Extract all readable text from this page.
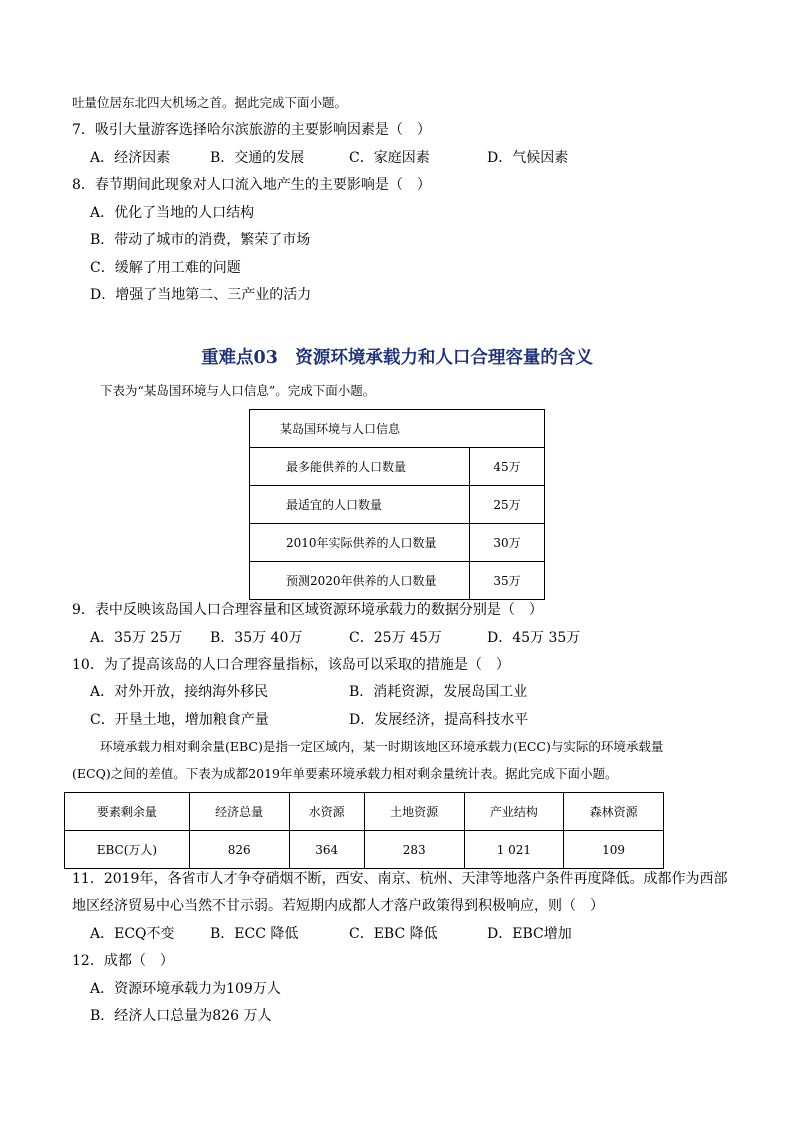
吐量位居东北四大机场之首。据此完成下面小题。
7．吸引大量游客选择哈尔滨旅游的主要影响因素是（　）
A．经济因素	B．交通的发展	C．家庭因素	D．气候因素
8．春节期间此现象对人口流入地产生的主要影响是（　）
A．优化了当地的人口结构
B．带动了城市的消费，繁荣了市场
C．缓解了用工难的问题
D．增强了当地第二、三产业的活力
重难点03　资源环境承载力和人口合理容量的含义
下表为“某岛国环境与人口信息”。完成下面小题。
某岛国环境与人口信息	
最多能供养的人口数量	45万
最适宜的人口数量	25万
2010年实际供养的人口数量	30万
预测2020年供养的人口数量	35万
9．表中反映该岛国人口合理容量和区域资源环境承载力的数据分别是（　）
A．35万 25万 B．35万 40万	C．25万 45万	D．45万 35万
10．为了提高该岛的人口合理容量指标，该岛可以采取的措施是（　）
A．对外开放，接纳海外移民	B．消耗资源，发展岛国工业
C．开垦土地，增加粮食产量	D．发展经济，提高科技水平
环境承载力相对剩余量(EBC)是指一定区域内，某一时期该地区环境承载力(ECC)与实际的环境承载量
(ECQ)之间的差值。下表为成都2019年单要素环境承载力相对剩余量统计表。据此完成下面小题。
要素剩余量	经济总量	水资源	土地资源	产业结构	森林资源
EBC(万人)	826	364	283	1 021	109
11．2019年，各省市人才争夺硝烟不断，西安、南京、杭州、天津等地落户条件再度降低。成都作为西部
地区经济贸易中心当然不甘示弱。若短期内成都人才落户政策得到积极响应，则（　）
A．ECQ不变	B．ECC 降低	C．EBC 降低	D．EBC增加
12．成都（　）
A．资源环境承载力为109万人
B．经济人口总量为826 万人
